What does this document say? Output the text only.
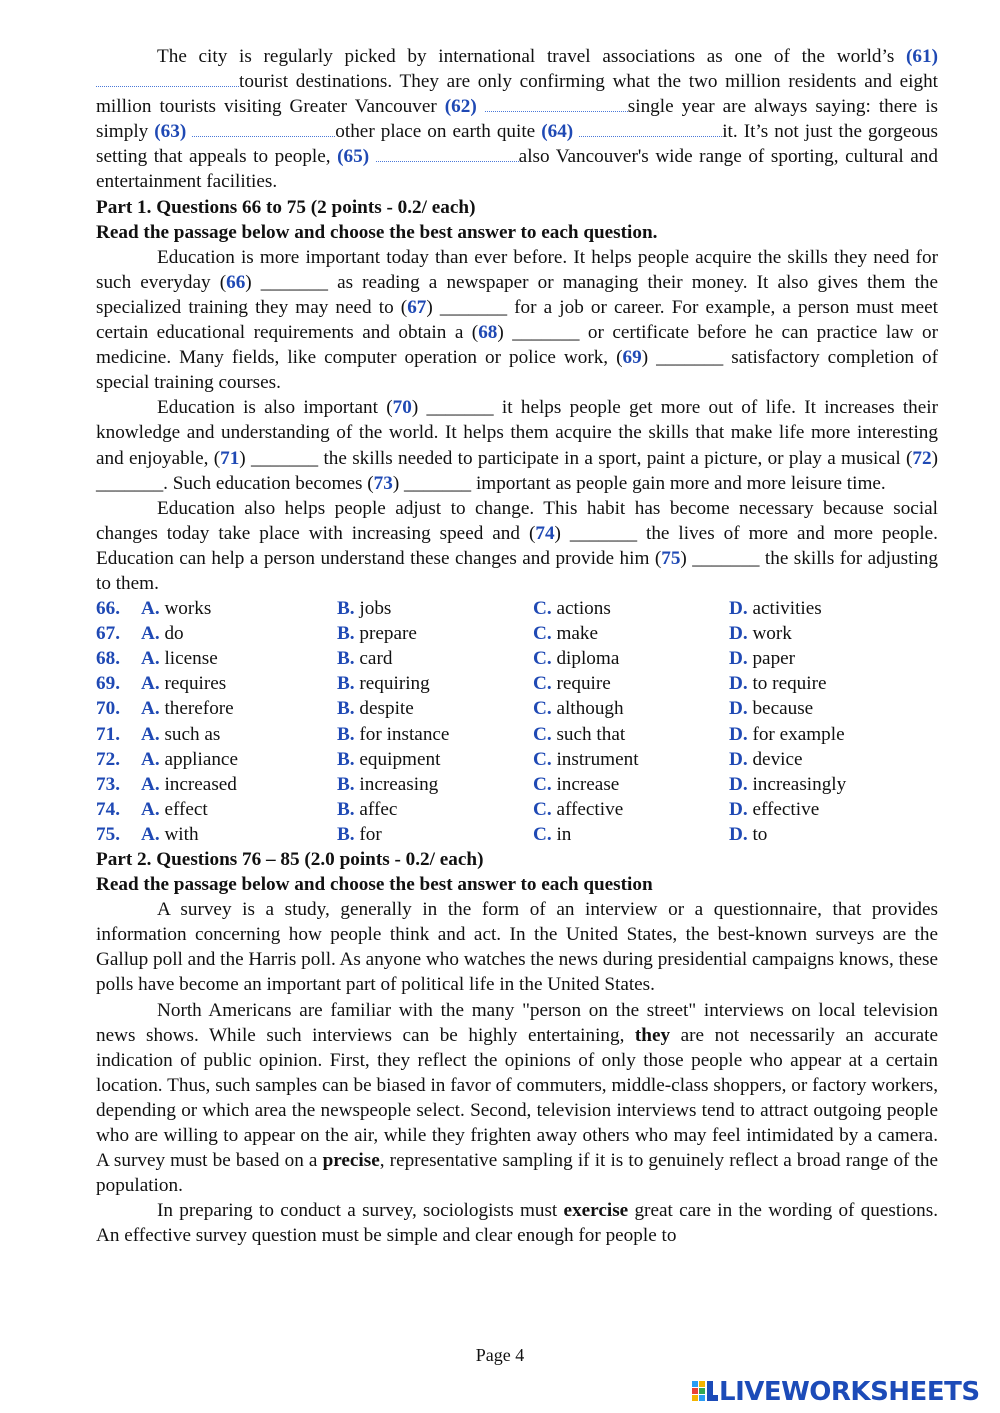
The city is regularly picked by international travel associations as one of the world’s (61) tourist destinations. They are only confirming what the two million residents and eight million tourists visiting Greater Vancouver (62)	single year are always saying: there is simply (63)	other place on earth quite (64)	it. It’s not just the gorgeous setting that appeals to people, (65)	also Vancouver's wide range of sporting, cultural and entertainment facilities.

Part 1. Questions 66 to 75 (2 points - 0.2/ each)

Read the passage below and choose the best answer to each question.

Education is more important today than ever before. It helps people acquire the skills they need for such everyday (66) _______ as reading a newspaper or managing their money. It also gives them the specialized training they may need to (67) _______ for a job or career. For example, a person must meet certain educational requirements and obtain a (68) _______ or certificate before he can practice law or medicine. Many fields, like computer operation or police work, (69) _______ satisfactory completion of special training courses.

Education is also important (70) _______ it helps people get more out of life. It increases their knowledge and understanding of the world. It helps them acquire the skills that make life more interesting and enjoyable, (71) _______ the skills needed to participate in a sport, paint a picture, or play a musical (72) _______. Such education becomes (73) _______ important as people gain more and more leisure time.

Education also helps people adjust to change. This habit has become necessary because social changes today take place with increasing speed and (74) _______ the lives of more and more people. Education can help a person understand these changes and provide him (75) _______ the skills for adjusting to them.

66. A. works	B. jobs	C. actions	D. activities
67. A. do	B. prepare	C. make	D. work
68. A. license	B. card	C. diploma	D. paper
69. A. requires	B. requiring	C. require	D. to require
70. A. therefore	B. despite	C. although	D. because
71. A. such as	B. for instance	C. such that	D. for example
72. A. appliance	B. equipment	C. instrument	D. device
73. A. increased	B. increasing	C. increase	D. increasingly
74. A. effect	B. affec	C. affective	D. effective
75. A. with	B. for	C. in	D. to

Part 2. Questions 76 – 85 (2.0 points - 0.2/ each)

Read the passage below and choose the best answer to each question

A survey is a study, generally in the form of an interview or a questionnaire, that provides information concerning how people think and act. In the United States, the best-known surveys are the Gallup poll and the Harris poll. As anyone who watches the news during presidential campaigns knows, these polls have become an important part of political life in the United States.

North Americans are familiar with the many "person on the street" interviews on local television news shows. While such interviews can be highly entertaining, they are not necessarily an accurate indication of public opinion. First, they reflect the opinions of only those people who appear at a certain location. Thus, such samples can be biased in favor of commuters, middle-class shoppers, or factory workers, depending or which area the newspeople select. Second, television interviews tend to attract outgoing people who are willing to appear on the air, while they frighten away others who may feel intimidated by a camera. A survey must be based on a precise, representative sampling if it is to genuinely reflect a broad range of the population.

In preparing to conduct a survey, sociologists must exercise great care in the wording of questions. An effective survey question must be simple and clear enough for people to

Page 4
LIVEWORKSHEETS
